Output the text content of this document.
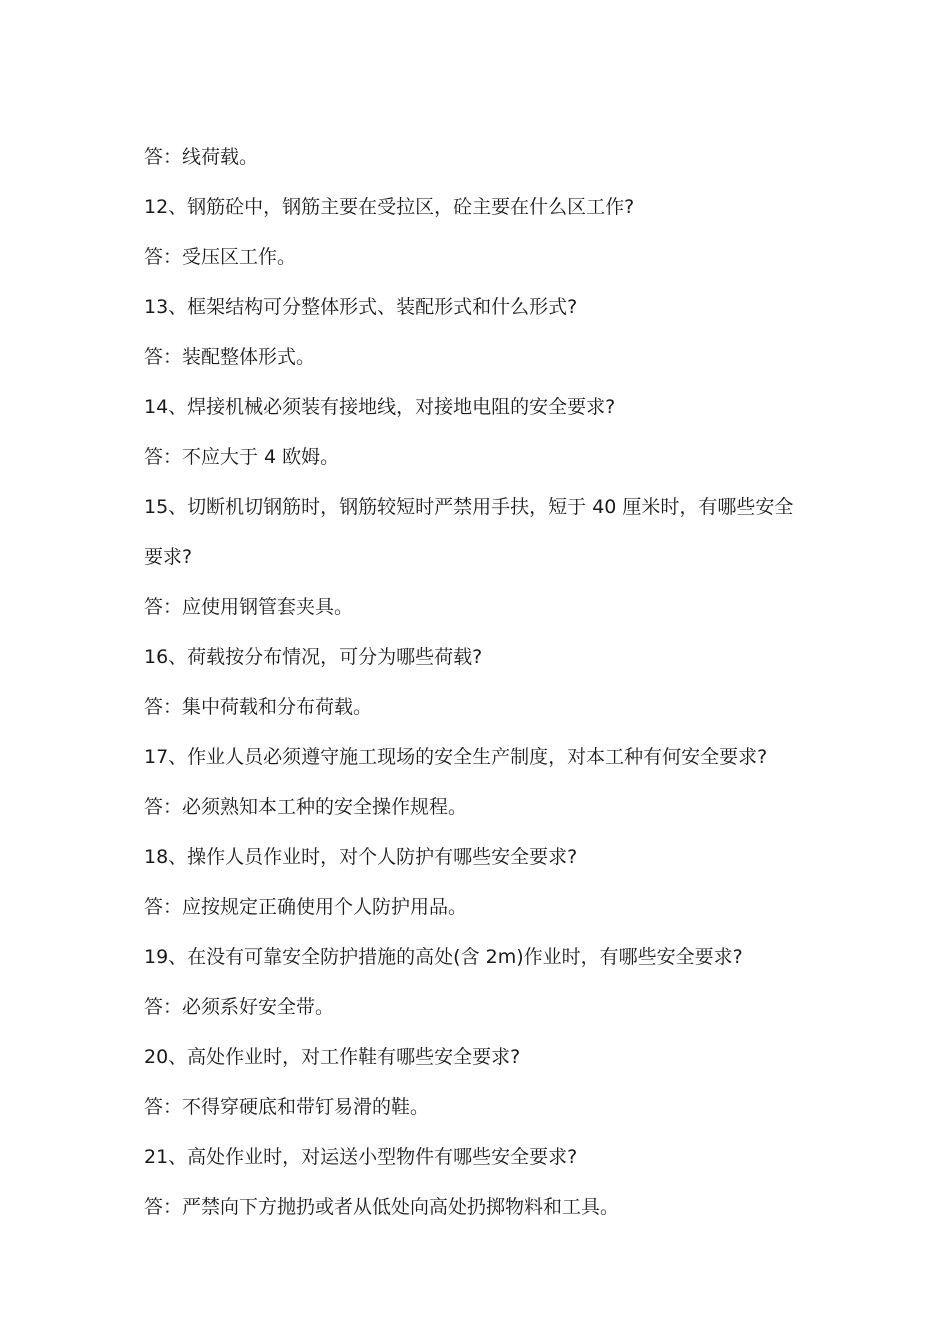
答：线荷载。
12、钢筋砼中，钢筋主要在受拉区，砼主要在什么区工作?
答：受压区工作。
13、框架结构可分整体形式、装配形式和什么形式?
答：装配整体形式。
14、焊接机械必须装有接地线，对接地电阻的安全要求?
答：不应大于 4 欧姆。
15、切断机切钢筋时，钢筋较短时严禁用手扶，短于 40 厘米时，有哪些安全
要求?
答：应使用钢管套夹具。
16、荷载按分布情况，可分为哪些荷载?
答：集中荷载和分布荷载。
17、作业人员必须遵守施工现场的安全生产制度，对本工种有何安全要求?
答：必须熟知本工种的安全操作规程。
18、操作人员作业时，对个人防护有哪些安全要求?
答：应按规定正确使用个人防护用品。
19、在没有可靠安全防护措施的高处(含 2m)作业时，有哪些安全要求?
答：必须系好安全带。
20、高处作业时，对工作鞋有哪些安全要求?
答：不得穿硬底和带钉易滑的鞋。
21、高处作业时，对运送小型物件有哪些安全要求?
答：严禁向下方抛扔或者从低处向高处扔掷物料和工具。
